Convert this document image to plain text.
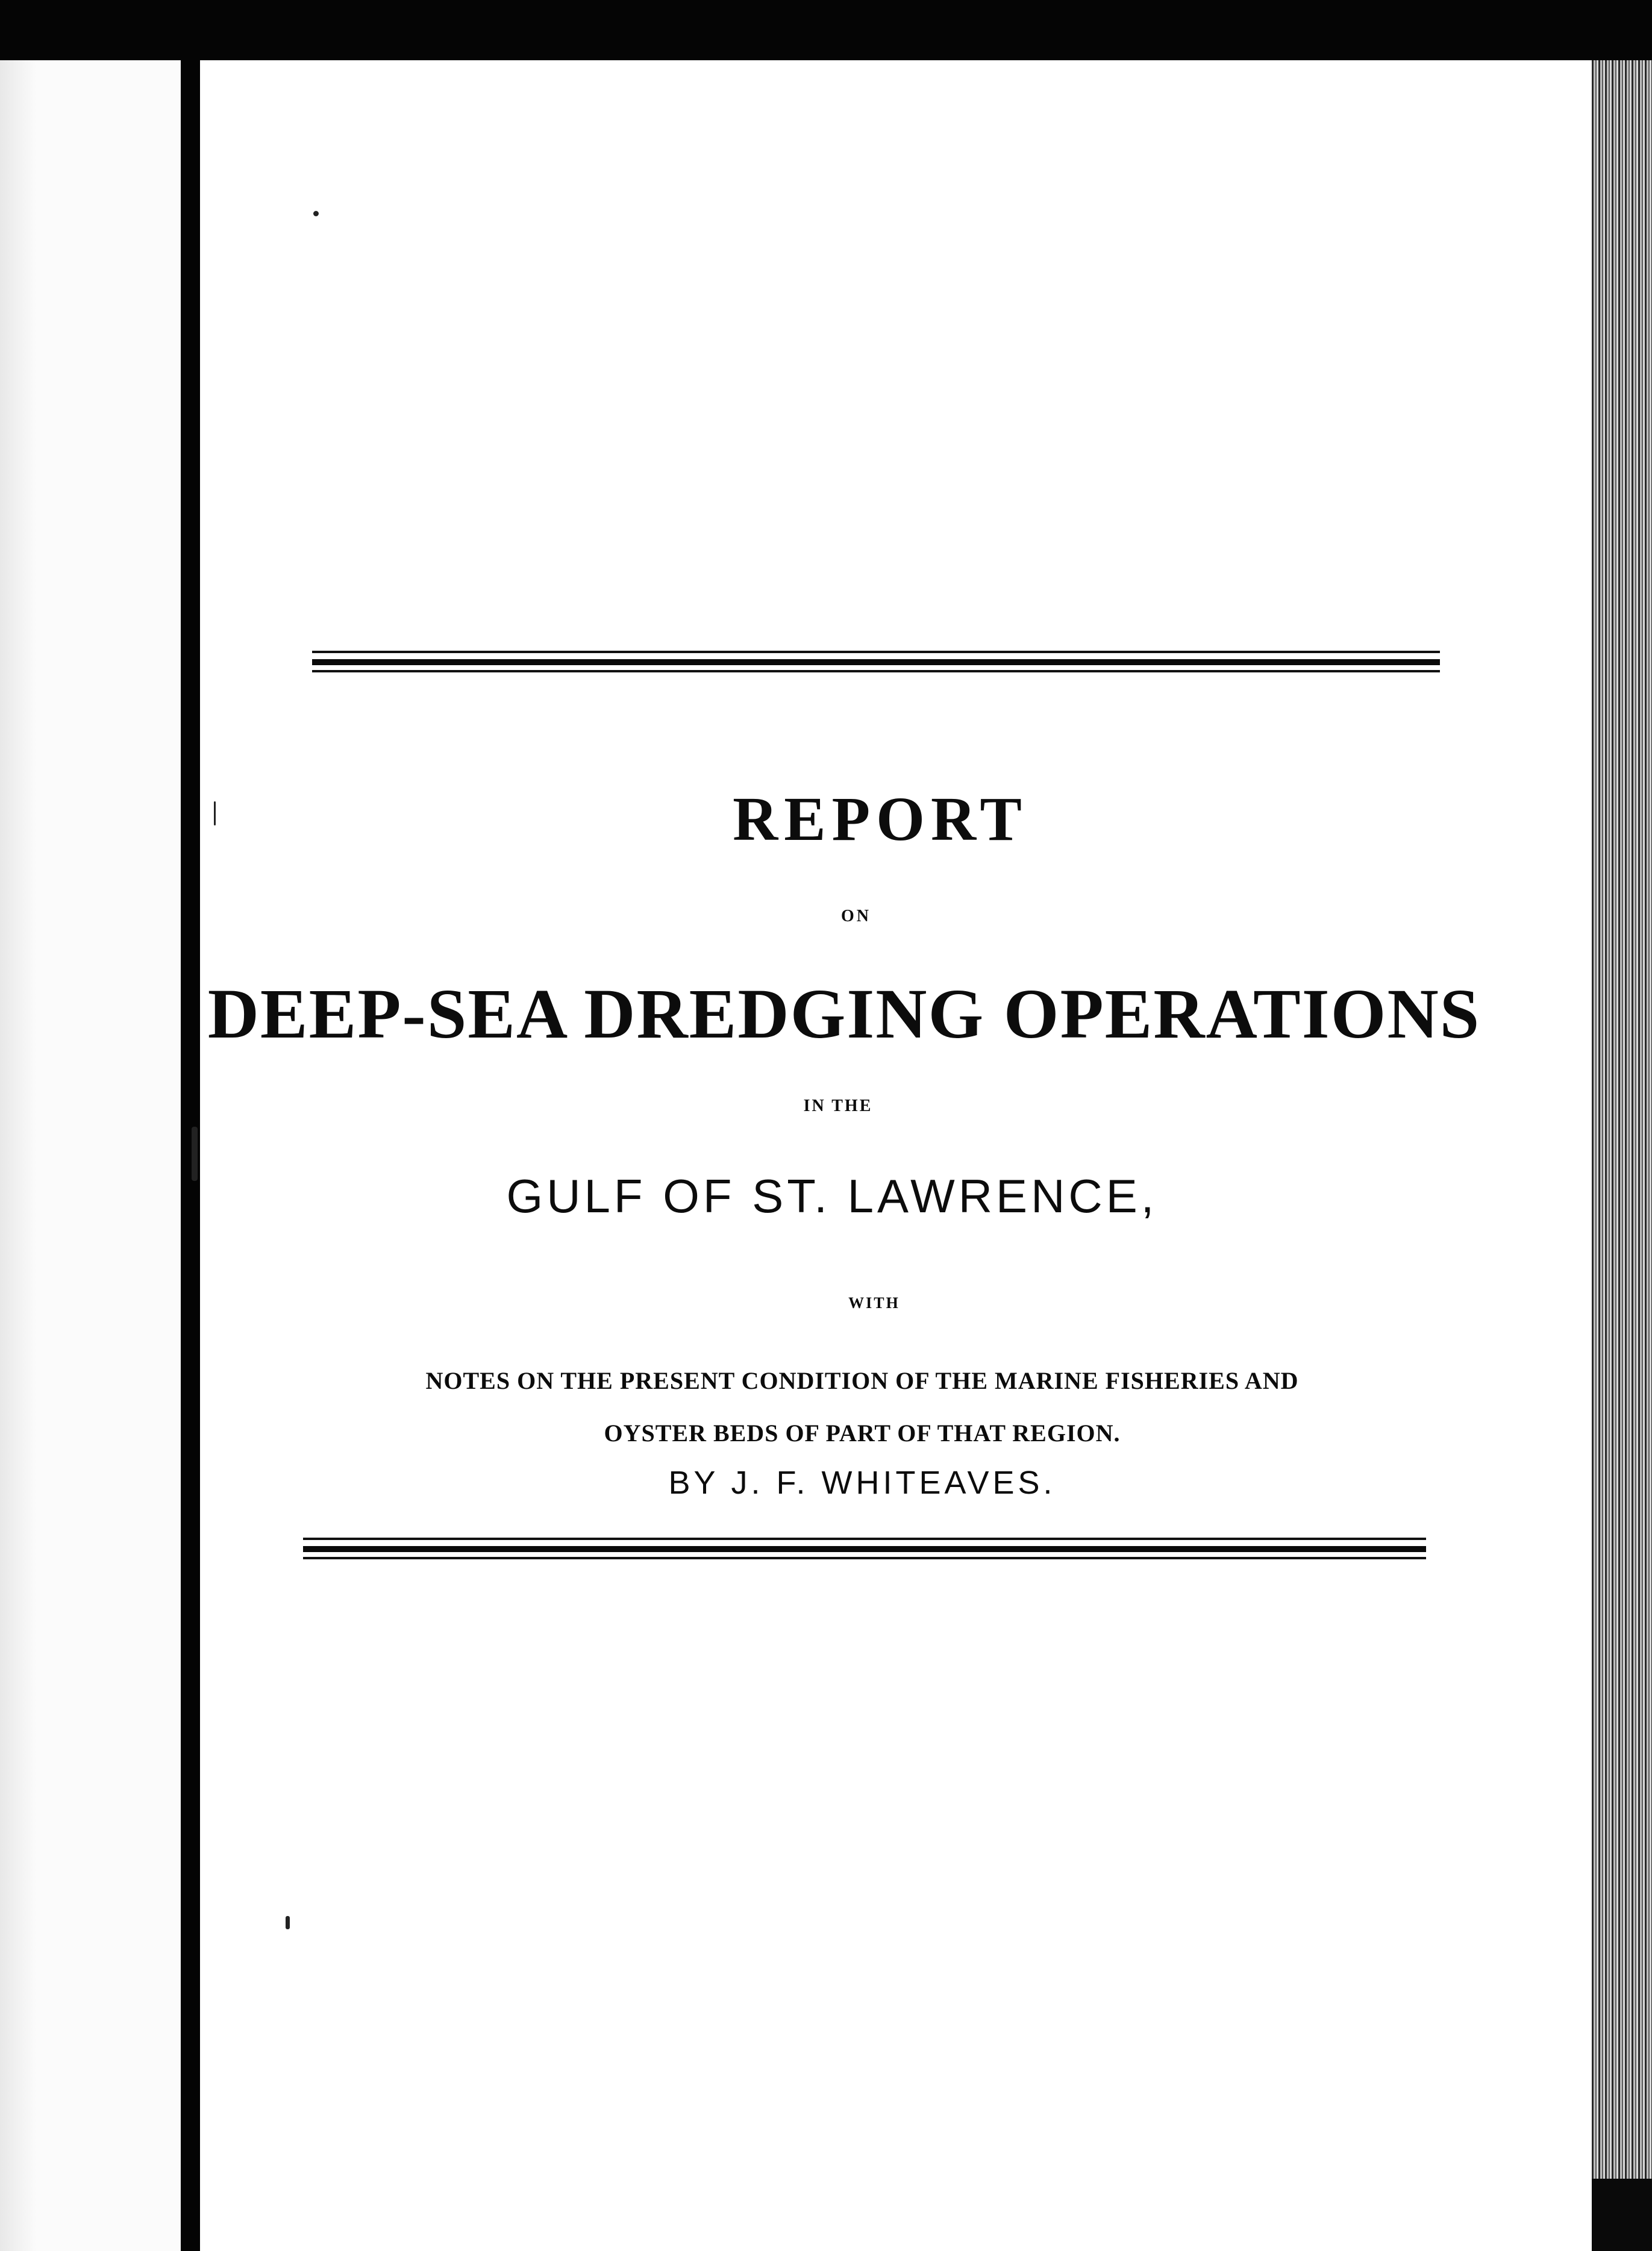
REPORT
ON
DEEP-SEA DREDGING OPERATIONS
IN THE
GULF OF ST. LAWRENCE,
WITH
NOTES ON THE PRESENT CONDITION OF THE MARINE FISHERIES AND
OYSTER BEDS OF PART OF THAT REGION.
BY J. F. WHITEAVES.
